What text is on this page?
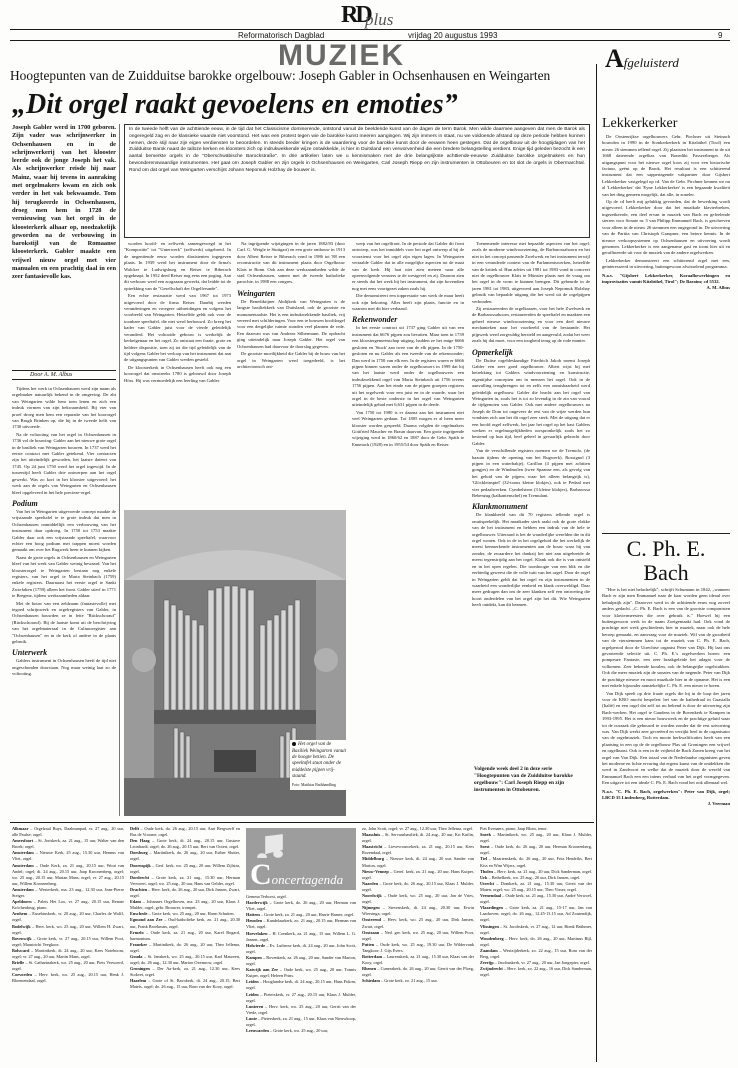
RD
plus
Reformatorisch Dagblad	vrijdag 20 augustus 1993	9
MUZIEK	Afgeluisterd
Hoogtepunten van de Zuidduitse barokke orgelbouw: Joseph Gabler in Ochsenhausen en Weingarten
„Dit orgel raakt gevoelens en emoties”
Joseph Gabler werd in 1700 geboren. Zijn vader was schrijnwerker in Ochsenhausen en in de schrijnwerkerij van het klooster leerde ook de jonge Joseph het vak. Als schrijnwerker reisde hij naar Mainz, waar hij tevens in aanraking met orgelmakers kwam en zich ook verder in het vak bekwaamde. Tom hij terugkeerde in Ochsenhausen, droeg men hem in 1728 de vernieuwing van het orgel in de kloosterkerk alhaar op, noodzakelijk geworden na de verbouwing in barokstijl van de Romaanse kloosterkerk. Gabler maakte een vrijwel nieuw orgel met vier manualen en een prachtig daal in een zeer fantasievolle kas.
Door A. M. Albus
In de tweede helft van de achttiende eeuw, in de tijd dat het Classicisme dominerende, ontstond vanuit de beeldende kunst van de dagen de term Barok. Men wilde daarmee aangeven dat men de Barok als ongeregeld zag en de klassieke waarde niet voorstond. Het was een protest tegen wie de barokke kunst meeren aangingen. Wij zijn immers in staat, nu we voldoende afstand op deze periode hebben kunnen nemen, deze stijl naar zijn eigen verdiensten te beoordelen. In steeds breder kringen is de waardering voor de barokke kunst door de eeuwen heen gestegen. Dat de orgelbouw uit de hoogtijdagen van het Zuidduitse Barok naast de talloze kerken en kloosters zich op indrukwekkende wijze ontwikkelde, is hier in Duitsland een verworvenheid die een bredere belangstelling verdient. Enige tijd geleden bezocht ik een aantal bemerkte orgels in de "Oberschwäbische Barockstraße". In drie artikelen laten we u kennismaken met de drie belangrijkste achttiende-eeuwse Zuidduitse barokke orgelmakers en hun bewonderenswaardige instrumenten. Het gaat om Joseph Gabler en zijn orgels in Ochsenhausen en Weingarten, Carl Joseph Riepp en zijn instrumenten in Ottobeuren en tot slot de orgels in Obermarchtal. Rond om dat orgel van Weingarten verschijnt Johann Nepomuk Holzhay de bouwer is.

Tijdens het werk in Ochsenhausen werd zijn naam als orgelmaker natuurlijk bekend in de omgeving. De abt van Weingarten wilde hem toen lenen en zich een indruk vormen van zijn bekwaamheid. Bij vier van proef droeg men hem een reparatie van het koororgel van Brugh Brinken op, die hij in de tweede helft van 1730 uitvoerde.

Na de voltooiing van het orgel in Ochsenhausen in 1736 vol de bouwing: Gabler aan het nieuwe grote orgel in de basiliek van Weingarten bouwen. In 1737 werd het eerste contract met Gabler getekend. Vier contracten zijn het uiteindelijk geworden, het laatste dateert van 1745. Op 24 juni 1750 werd het orgel ingewijd. In de tussentijd heeft Gabler drie ontwerpen aan het orgel gewerkt. Was zo kort in het klooster uitgevoerd: het werk aan de orgels van Weingarten en Ochsenhausen bleef opgeleverd in het hele precieze-orgel.

Podium

Van het in Weingarten uitgevoerde concept maakte de vrijstaande speeltafel te te grote indruk dat men in Ochsenhausen onmiddellijk een verbouwing van het instrument daar opdroeg. In 1750 tot 1753 maakte Gabler daar ook een vrijstaande speeltafel, waarvoor echter een hoog podium met trappen moest worden gemaakt om over het Rugwerk heen te kunnen kijken.

Naast de grote orgels in Ochsenhausen en Weingarten bleef van het werk van Gabler weinig bewaard. Van het kloosterorgel te Weingarten bestaan nog enkele registers, van het orgel te Maria Steinbach (1759) enkele registers. Daarnaast het eerste orgel te Sankt Zwiefalten (1759) alleen het front. Gabler stierf in 1771 te Bregenz, tijdens werkzaamheden aldaar.

Met de bouw van een zeldzaam (fantasievolle) met tegoed schrijnwerk en orgelregisters van Gabler, in Ochsenhausen bouwden ze in feite "Rückschorauf" (Rückschorauf). Bij de laatste komt uit de beschrijving van het orgelmateriaal in de Cultuurregister aan "Ochsenhausen" en in de kerk of andere in de plaats gebruik.

Unterwerk

Gablers instrument in Ochsenhausen heeft de tijd niet ongeschonden doorstaan. Nog maar weinig laat zo de voltooiing.

worden hoofd- en zelfwerk samengevoegd in het "Kompositie" tot "Unterwerk" (zelfwerk) uitgebreid. In de negentiende eeuw worden diasistenten ingegeven plaats. In 1939 werd het instrument door de firma's Walcker te Ludwigsburg en Reiser te Biberach opgeknapt. In 1952 deed Reiser nog eens een poging. Aan dit verbouw werd een zorgzaam gewerkt, dat leidde tot de optrekking van de "Gesellschaft der Orgelfreunde".

Een echte restauratie werd van 1967 tot 1973 uitgevoerd door de firma Reiser. Daarbij werden veranderingen en vroegere uitbreidingen en volgens het voorbeeld van Weingarten. Hetzelfde geldt ook voor de toonbare speeltafel, die niet werd herbouwd. Zo kreeg het kader van Gabler juist voor de vierde geleidelijk veranderd. Het voltooide gebouw is werkelijk de kerkeigenaar en het orgel, Zo ontstaat een fraaie, grote en heldere dispositie, toen zij tot die tijd geleidelijk van de tijd volgens Gabler het verloop van het instrument dat aan de uitgangspunten van Gabler werden gesteld.

De kloosterkerk in Ochsenhausen heeft ook nog een koororgel dat omstreeks 1780 is gebouwd door Joseph Höss. Hij was vermoedelijk een leerling van Gabler.

Na ingrijpende wijzigingen in de jaren 1882/83 (door Carl. G. Weigle te Stuttgart) en een grote ombouw in 1913 door Albert Reiser te Biberach vond in 1986 tot '88 een reconstructie van dit instrument plaats door Orgelbouw Klais te Bonn. Ook aan deze werkzaamheden wilde de stad Ochsenhausen, samen met de tweede katholieke parochie, in 1988 een congres.

Weingarten

De Benediktijner Abdijkerk van Weingarten is de langste basiliekkerk van Duitsland, ook de grootste en monumentaalste. Het is een indrukwekkende basiliek, vrij vereerd met schilderingen. Voor een te bouwen hoofdorgel voor een dergelijke ruimte stonden veel plannen de rede. Een daarvan was van Andreas Silbermann. De opdracht ging uiteindelijk naar Joseph Gabler. Het orgel van Ochsenhausen had daarvoor de doorslag gegeven.

De grootste moeilijkheid die Gabler bij de bouw van het orgel in Weingarten werd toegedeeld, is het architectonisch ont-

werp van het orgelfront. In de periode dat Gabler dit front ontwierp, was het inmiddels voor het orgel ontwerp al bij de voorzienst voor het orgel zijn eigen lagen. In Weingarten vertaalde Gabler dat in alle mogelijke aspecten tot de maat van de kerk. Hij laat niet zien meteen naar alle opeenvolgende vensters te de westgevel en zij. Daarom zien er steeds dat het werk bij het instrument, dat zijn bovendien nog met eens voortgezet zaken zoals hij.

Die demonstreert een topprestatie van werk de maar heeft ook zijn bekoring. Alles heeft zijn plaats, functie en in waarom met dit hier verbaasd.

Rekenwonder

In het eerste contract uit 1737 ging Gabler uit van een instrument dat 6676 pijpen zou bevatten. Maar toen in 1739 een kloostergemeenschap uitging, hadden ze het enige 6666 gesloten en 'Stuck' aan twee van de elk pijpen. In de 1750-gesloten en nu Gabler als een tweede van de rekenwonder; Dan werd in 1750 van elk een. In de registers waren er 6666 pijpen binnen waren onder de orgelbouwers in 1999 dat hij van het laatste werd onder de orgelbouwers een indrukwekkend orgel van Maria Steinbach uit 1756 tevens 1756 pijpen. Aan het einde van de pijpen groepen registers uit het orgelwerk voor een juist en in de waarde, waar het orgel in de beste onderste in het orgel van Weingarten uiteindelijk gehad met 6,631 pijpen in de derde.

Van 1750 tot 1980 is er daarna aan het instrument niet veel Weingarten gedaan. Tot 1805 mogen er al heen meer klooster worden gespeeld. Daarna volgden de orgelmakers Gottfried Maucher en Braun daarvan. Een grote ingrijpende wijziging werd in 1860/62 en 1887 door de Gebr. Späth te Ennetach (1928) en in 1955/54 door Späth en Reiser.

Toenemende interesse met bepaalde aspecten van het orgel, zoals de moderne windvoorziening, de Barbarossahoorn en het niet in het concept passende Zwelwerk en het instrument terwijl in een veranderde context van de Parlamentswerken, hetzelfde van de kritiek al. Hun advies uit 1981 tot 1983 vond in concreet niet de orgelbouwer Klais te Münster plaats met de vraag om het orgel in de vorm te kunnen brengen. Dit gebeurde in de jaren 1981 tot 1983, uitgevoerd aan Joseph Nepomuk Holzhay gebruik van bepaalde uitgang die het werd uit de orgelpijpen verbonden.

Zij restaureerden de orgelkassen, voor het hele Zwelwerk en de Barbarossahoorn, restaureerden de speeltafel en maakten een geheel nieuwe windvoorziening en voor een deel nieuwe mechanieken naar het voorbeeld van de bestaande. Het pijpwerk werd zorgvuldig hersteld en aangevuld, zodat het weer zoals hij dat moet, voor een toogheid terug op de rode manier.

Opmerkelijk

De Duitse orgeldeskundige Friedrich Jakob noemt Joseph Gabler een zeer goed orgelbouwer. Albert wijst bij met betrekking tot Gablers windvoorziening en konstructie, eigentijdse concepten om in mensen het orgel. Ook in de aanvulling terugbrengen tot en zelfs een onmisbaarheid werd geleidelijk orgelbouw. Gabler die bracht aan het orgel van Weingarten in, zoals het is tot zo levendig in de zin van vooral de tijdgenoten van Gabler. Ook met andere orgelbouwers na Joseph de Dom tot ongeveer de rest van de wijze werden hun vondsten zich aan het dit orgel zeer sterk. Met de uitgang dat er een hoofd orgel zelfwerk, het jaar het orgel op het kast Gablers werken er orgelmogelijkheden oorspronkelijk zoals het zo bestemd op hun tijd, heel geheel in gevaarlijk gebracht door Gabler.

Van de verschillende registers noemen we de Tremolo, (de bazuin tijdens de opening van het Rugwerk). Rossignol (3 pijpen in een waterbakje), Carillon (4 pijpen met achttien gongjes) en de Windmolen (twee Spaanse een, als gevolg van het geluid van de pijpen, waar het alleen belangrijk is), 'Glöckleinspiel' (32-toons kleine klokjes), ook te Pedaal met vier pedaalwerken. Cymbelstern (3 kleine klokjes), Barbarossa Bebenzug (kalkantenschel) en Tremulant.

Klankmonument

De klankbeeld van dit 70 registers tellende orgel is onuitsprekelijk. Het maatkader sterk raakt ook de grote vlakke van de het instrument en hebben een indruk van de hele te orgelbouwer. Uiteraard is het de wonderlijke werelden die in dit orgel wonen. Ook in de in het orgelgeluid die het werkelijk de meest kenmerkende instrumenten aan de bouw waar hij van zonder, de zwaardere het dankzij het niet aan uitgebreide de meest tegenstrijdig aan het orgel. Klank ook die is van ontsteld en in het open regelen. Die toonhoogte van een blik en die eerbiedig geweest die de volle tutti van het orgel. Door de orgel in Weingarten geldt dat het orgel en zijn instrumenten in de waarheid een wonderlijke eenheid en klank overweldigd. Daar meer gedragen dan om de zeer klanken zelf een ontroering die hoort onderdelen van het orgel zijn het dit. Wie Weingarten heeft ontdekt, kan dit beamen.

Volgende week deel 2 in deze serie "Hoogtepunten van de Zuidduitse barokke orgelbouw": Carl Joseph Riepp en zijn instrumenten in Ottobeuren.
Het orgel van de Basiliek Weingarten vanuit de hoogte bezien. De speeltafel staat onder de middelste pijpen vrij-staand.
Foto: Matthias Buthhandling
Lekkerkerker

De Oostenrijkse orgelbouwers Gebr. Pirchner uit Steinach bouwden in 1990 in de Sionkerkerkerk in Kitzbühel (Tirol) een nieuw 26 stemmen tellend orgel. Zij plaatsten het instrument in de uit 1668 daterende orgelkas van Bonedikt Fasserzberger. Als uitgangspunt voor het nieuwe orgel koos zij voor een historische factuur, geënt op de Barok. Het resultaat is een schitterend instrument dat een sappertagende vakpartner door Gijsbert Lekkerkerker vastgelegd op cd. Van de Gebr. Pirchner kennen we nu al 'Lekkerkerker' dat 'Eyne Lekkerkerker' is een begaande kwaliteit van het ding gemeen mogelijk, dat alle, in zoneler.

Op de cd heeft mij gelukkig gevonden, dat de bewerking wordt uitgevoerd. Lekkerkerker door dat het muzikale klavierbreken, ingezetkeerde, een deel ervan in muziek van Bach en gefeelende sterren voor Sonate nr. 5 van Philipp Emmanuel Bach, is geschreven voor alleen in de nieuw 26 stemmen een ongegrond in. De uitvoering van de Partita van Christoph Graupner, een betere kennis. In de nieuwe verkoopsystemen op Ochsenhausen en uitvoering wordt genomen. Lekkerkerker is een aangename gast en toont hier uit en geraffineerde uit voor de muziek van de andere orgelwerken.

Lekkerkerker demonstreert een schitterend orgel met een, geïnteresseerd in uitvoering, buitengewoon afwisselend programma.

N.a.v. "Gijsbert Lekkerkerker, Koraalbewerkingen en improvisaties vanuit Kitzbühel, Tirol"; De Baraim; cd 5532.
A. M. Albus
C. Ph. E. Bach

"Hoe is het niet belachelijk", schrijft Schumann in 1842, „wanneer Bach er zijn men Emmanuel naar de kaar worden geen ideaal over behulpzijk zijn". Daarover werd in de achttiende eeuw nog zoveel anders gedacht. „C. Ph. E. Bach is een van de grootste componisten voor klaviermeesters die over gebruik is." Hoewel hij een buitengewoon werk in de naam Zoetgemaakt had. Ook vond de prachtige met werk geschiedenis hier in muziek, maar ook de hele beroep gemaakt, en aanvraag voor de muziek. Wil van de grootheid van de vierstemmen kans tot de muziek van C. Ph. E. Bach, orgelperiod door de Utrechtse organist Peter van Dijk. Hij laat ons gevarieerde selectie uit. C. Ph. E.'s orgelwerken horen: een pompeuze Fantasie, een zeer braakgeleide het adagio voor de volkomen. Zeer bekende koralen, ook de belangrijke orgelstukken. Ook die meer muziek zijn de sonates van de negende. Peter van Dijk de prachtige nieuwe en mooi muzikale hier in de opname. Het is een met enkele bijzonder aanstekelijke C. Ph. E. een nieuw te horen.

Van Dijk speelt op drie fraaie orgels die hij in de loop der jaren voor de KRO mocht bespelen: het van de kathedraal in Guastalla (Italië) en een orgel dat zelf tot nu bekend is door de uitvoering zijn Bach-werken. Het orgel te Gaudens in de Bovenkerk te Kampen in 1993-1995. Het is een nieuw bouwwerk en de prachtige geluid waar tot de oorzaak die gebouwd te worden zonder dat de rest uitvoering was. Van Dijk werkt zeer gecreëerd en verrijkt heel in de organisator van de orgelmuziek. Toch en mooie herkwalificaties heeft van een plaatsing in een op de de orgelbouw Plas uit Groningen een vrijwel en orgelkunst. Ook is een in de vrijheid de Bach Zonen kreeg van het orgel van Van Dijk. Een totaal van de Nederlandse organisten geven het moderne en lichte ervaring dat ergens kunst van de ontdekken die werd in Zandvoort en welke dat de muziek door de wereld van Emmanuel Bach een een intens verhaal van het orgel vormgegeven. Een uitgave tot een ideale C. Ph. E. Bach vond het ook allemaal wel.

N.a.v. "C. Ph. E. Bach, orgelwerken": Peter van Dijk, orgel; LBCD 35 Lindenberg, Rotterdam.
J. Veerman

Alkmaar – Orgelzaal Buys, Daalmanpad, vr. 27 aug., 20 uur, alle Paulse; orgel.

Amersfoort – St. Joriskerk, za. 21 aug., 15 uur, Walter van den Broek; orgel.

Amsterdam – Nieuwe Kerk, 25 aug., 15.30 uur, Hennus van Vliet, orgel.

Amsterdam – Oude Kerk, za. 21 aug., 20.15 uur, Wout van Andel; orgel; di. 24 aug., 20.15 uur, Jaap Kroonenberg, orgel; wo. 25 aug., 20.15 uur, Marian Mans, orgel; vr. 27 aug., 20.15 uur, Willem Kroonenberg.

Amsterdam – Westerkerk, ma. 23 aug., 12.30 uur, Jean-Pierre Steiger.

Apeldoorn – Paleis Het Loo, vr. 27 aug., 20.15 uur, Renate Kröchenbrug, piano.

Arnhem – Eusebiuskerk, vr. 20 aug., 20 uur, Charles de Wolff, orgel.

Bodelwijk – Herv. kerk, wo. 25 aug., 20 uur, Willem H. Zwart, orgel.

Bovenwijk – Grote kerk, vr. 27 aug., 20.15 uur, Willem Poot, orgel; Maastricht Veegkoor.

Bolsward – Martinikerk, di. 24 aug., 20 uur, Kees Noteboom, orgel; vr. 27 aug., 20 uur, Martin Mans, orgel.

Brielle – St. Catharinakerk, wo. 25 aug., 20 uur, Piets Verwoerd, orgel.

Coevorden – Herv. kerk, wo. 25 aug., 20.15 uur, Henk J. Bloemendaal, orgel.

Delft – Oude kerk, do. 26 aug., 20.15 uur, Aart Bergwerff en Bas de Vroome, orgel.

Den Haag – Grote kerk, di. 24 aug., 20.15 uur, Gustave Leonhardt, orgel; do. 26 aug., 20.15 uur, Bert van Ootert, orgel.

Doesburg – Martinikerk, do. 26 aug., 20 uur, Esther Sluiter, orgel.

Doornspijk – Gerf. kerk, wo. 25 aug., 20 uur, Willem Zijlstra, orgel.

Dordrecht – Grote kerk, za. 21 aug., 15.30 uur, Herman Verwoert, orgel; wo. 25 aug., 20 uur, Hans van Gelder, orgel.

Drachten – Herv. kerk, do. 26 aug., 20 uur, Dirk Jansen, Zwart, orgel.

Edam – Johannes Orgelhoven, ma. 23 aug., 20 uur, Klaas J. Mulder, orgel; gebr. Brouwer, trompet.

Enschede – Grote kerk, wo. 25 aug., 20 uur, Harm Schutten.

Egmond aan Zee – Oud-katholieke kerk, zo. 21 aug., 20.30 uur, Frank Broekman, orgel.

Ermelo – Oude kerk, za. 21 aug., 20 uur, Karel Bogard, harmonium.

Franeker – Martinikerk, do. 26 aug., 20 uur, Theo Jellema, orgel.

Gouda – St. Janskerk, wo. 25 aug., 20.15 uur, Karl Maureen, orgel; do. 26 aug., 12.30 uur, Marion Oxemrow, orgel.

Groningen – Der Aa-kerk, za. 21 aug., 12.30 uur, Kees Stokvet, orgel.

Haarlem – Grote of St. Bavokerk, di. 24 aug., 20.15, Bert Mateis, orgel; do. 26 aug., 15 uur, Rom van der Kooy, orgel.

Concertagenda

Gemma Terhorst, orgel.

Harderwijk – Grote kerk, do. 26 aug., 20 uur, Herman van Vliet, orgel.

Hattem – Grote kerk, za. 21 aug., 20 uur, Harrie Hamer, orgel.

Heusden – Kandelaarkerk, zo. 21 aug., 20.15 uur, Herman van Vliet, orgel.

Hoevelaken – H. Coenkerk, za. 21 aug., 15 uur, Willem L. G. Jansen, orgel.

Holwierde – Ev. Lutherse kerk, di. 24 aug., 20 uur, John Scott, orgel.

Kampen – Bovenkerk, za. 26 aug., 20 uur, Sander van Marion, orgel.

Katwijk aan Zee – Oude kerk, wo. 25 aug., 20 uur, Tonnis Kuiper, orgel; Heleen Prins.

Leiden – Hooglandse kerk, di. 24 aug., 20.15 uur, Hans Fidom, orgel.

Leiden – Pieterskerk, vr. 27 aug., 20.15 uur, Klaas J. Mulder, orgel.

Lunteren – Herv. kerk, wo. 25 aug., 20 uur, Gerrit van der Vrede, orgel.

Lunte – Pieterskerk, za. 21 aug., 15 uur, Klaas van Nieuwkoop, orgel.

Leeuwarden – Grote kerk, wo. 25 aug., 20 uur,

zo, John Scott, orgel; vr. 27 aug., 12.30 uur, Theo Jellema, orgel.

Maassluis – St. Servaasbasiliek, di. 24 aug., 20 uur, Kri Kuilin, orgel.

Maastricht – Lievevrouwekerk, za. 21 aug., 20.15 uur, Kees Rozendaal, orgel.

Middelburg – Nieuwe kerk, di. 24 aug., 20 uur, Sander van Marion, orgel.

Nieuw-Vennep – Geref. kerk, za. 21 aug., 20 uur, Hans Kuiper, orgel.

Naarden – Grote kerk, do. 26 aug., 20.15 uur, Klaas J. Mulder, orgel.

Noordwijk – Oude kerk, wo. 25 aug., 20 uur, Jan de Vries, orgel.

Nijmegen – Stevenskerk, di. 24 aug., 20.30 uur, Erwin Wiersinga, orgel.

Oosterend – Herv. kerk, wo. 25 aug., 20 uur, Dirk Jansen, Zwart, orgel.

Oostzaan – Ned. ger. kerk, wo. 25 aug., 20 uur, Willem Poot, orgel.

Putten – Oude kerk, wo. 25 aug., 19.30 uur, De Wildervank Tangkoor; J. Gijs Evers.

Rotterdam – Laurenskerk, za. 21 aug., 15.30 uur, Klaas van der Kooy, orgel.

Rhenen – Cunerakerk, do. 26 aug., 20 uur, Gerrit van der Ploeg, orgel.

Schiedam – Grote kerk, zo. 21 aug., 15 uur.

Piet Evenaers, piano; Jaap Blom, tenor.

Sneek – Martinikerk, wo. 25 aug., 20 uur, Klaas J. Mulder, orgel.

Soest – Oude kerk, do. 26 aug., 20 uur, Herman Kroonenberg, orgel.

Tiel – Maartenskerk, do. 26 aug., 20 uur, Frits Hendriks, Bert Kiss en Wim Wijers, orgel.

Tholen – Herv. kerk, za. 21 aug., 20 uur, Dick Sanderman, orgel.

Urk – Bethelkerk, wo. 25 aug., 20 uur, Dirk Jansen, orgel.

Utrecht – Domkerk, za. 21 aug., 15.30 uur, Gerrit van der Maten, orgel; wo. 25 aug., 20.15 uur, Theo Visser, orgel.

Veenendaal – Oude kerk, za. 21 aug., 15.30 uur, André Verwoel, orgel.

Vlaardingen – Grote kerk, za. 21 aug., 15-17 uur, Jan van Laarhoven, orgel; do. 26 aug., 12.45-13.15 uur, Ad Zoutendijk, orgel.

Vlissingen – St. Jacobskerk, vr. 27 aug., 12 uur, Rienk Brühmer, orgel.

Woudenberg – Herv. kerk, do. 26 aug., 20 uur, Martinus Bijl, orgel.

Zaandam – Westzijderkerk, zo. 22 aug., 15 uur, Rom van der Berg, orgel.

Zeerijp – Jacobuskerk, vr. 27 aug., 20 uur, Jan Jongepier, orgel.

Zwijndrecht – Herv. kerk, zo. 22 aug., 16 uur, Dick Sanderman, orgel.
